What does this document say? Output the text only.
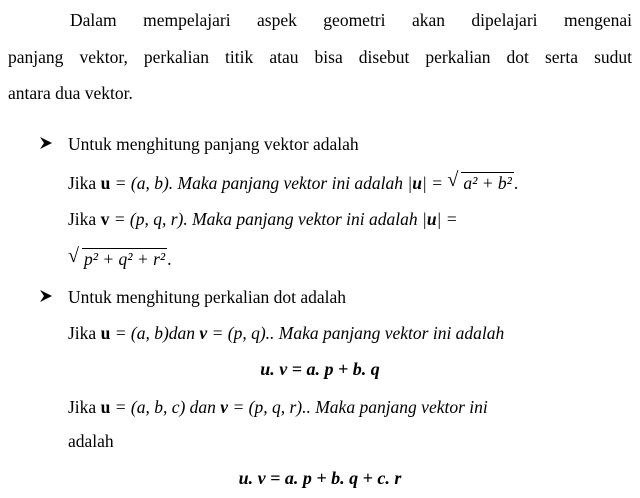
Dalam mempelajari aspek geometri akan dipelajari mengenai
panjang vektor, perkalian titik atau bisa disebut perkalian dot serta sudut
antara dua vektor.
Untuk menghitung panjang vektor adalah
Jika u = (a, b). Maka panjang vektor ini adalah |u| = √ a² + b² .
Jika v = (p, q, r). Maka panjang vektor ini adalah |u| =
√ p² + q² + r² .
Untuk menghitung perkalian dot adalah
Jika u = (a, b)dan v = (p, q).. Maka panjang vektor ini adalah
u. v = a. p + b. q
Jika u = (a, b, c) dan v = (p, q, r).. Maka panjang vektor ini
adalah
u. v = a. p + b. q + c. r
